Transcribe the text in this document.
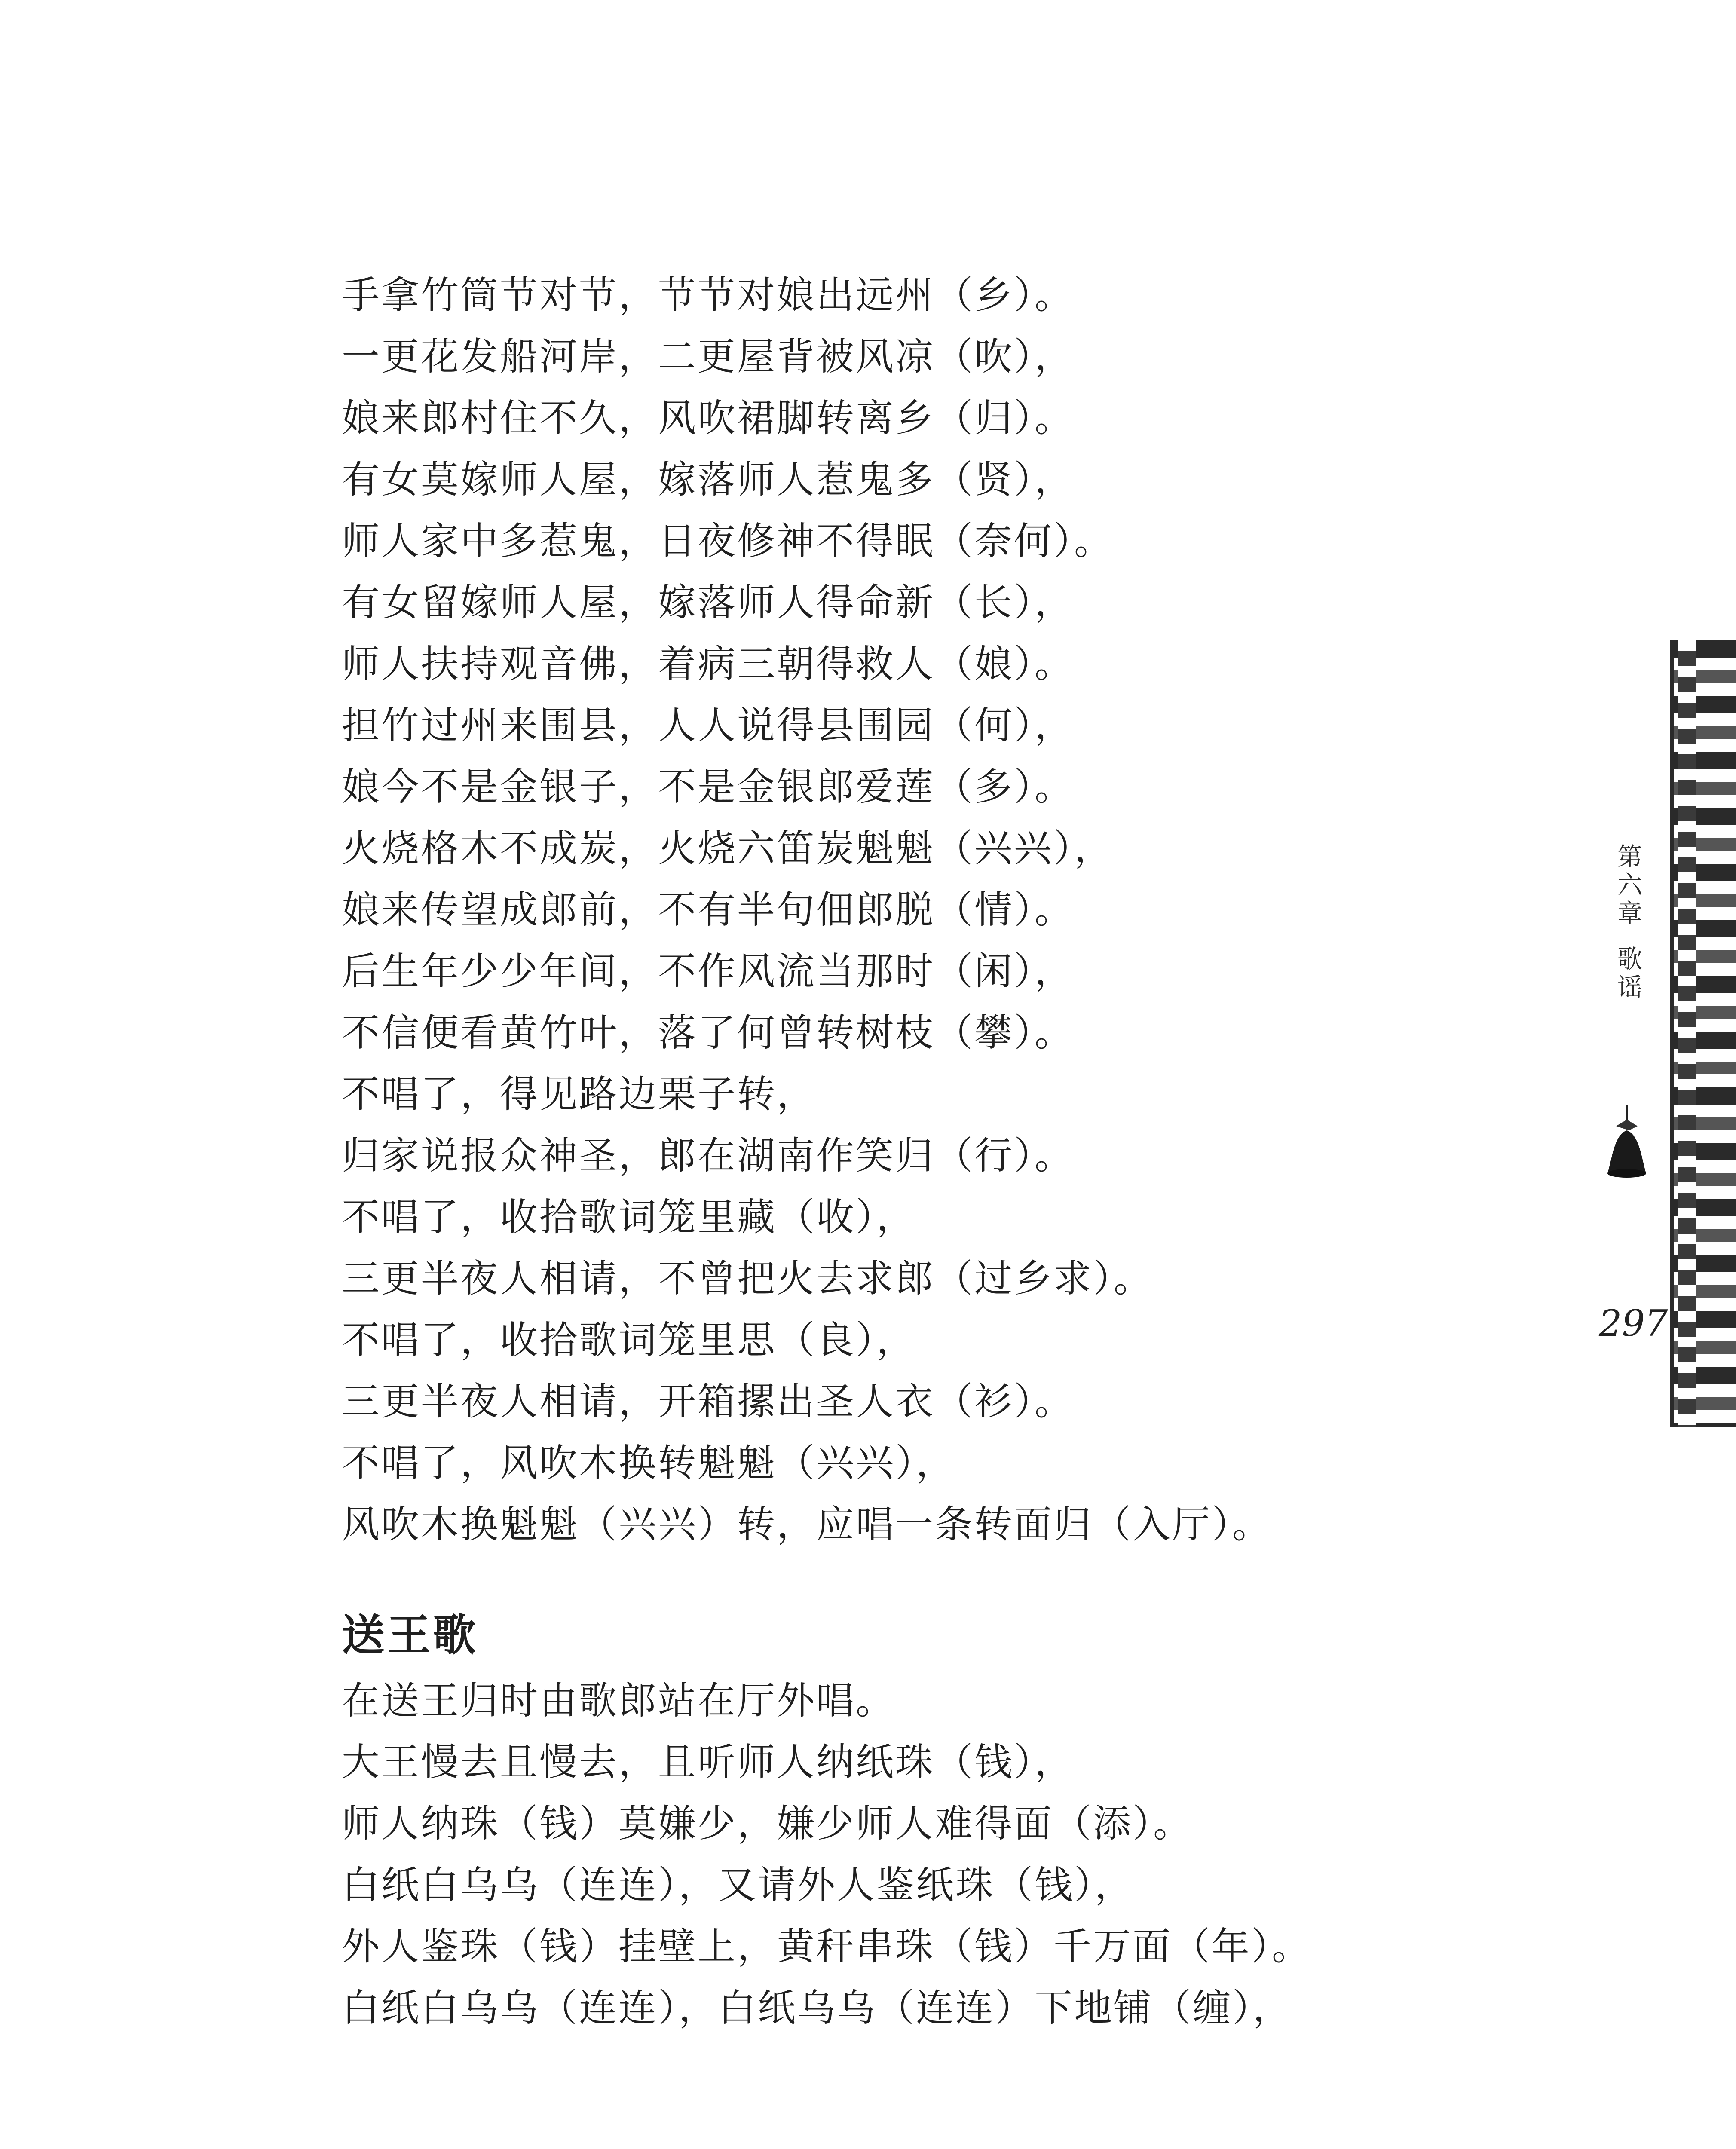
手拿竹筒节对节，节节对娘出远州（乡）。
一更花发船河岸，二更屋背被风凉（吹），
娘来郎村住不久，风吹裙脚转离乡（归）。
有女莫嫁师人屋，嫁落师人惹鬼多（贤），
师人家中多惹鬼，日夜修神不得眠（奈何）。
有女留嫁师人屋，嫁落师人得命新（长），
师人扶持观音佛，着病三朝得救人（娘）。
担竹过州来围县，人人说得县围园（何），
娘今不是金银子，不是金银郎爱莲（多）。
火烧格木不成炭，火烧六笛炭魁魁（兴兴），
娘来传望成郎前，不有半句佃郎脱（情）。
后生年少少年间，不作风流当那时（闲），
不信便看黄竹叶，落了何曾转树枝（攀）。
不唱了，得见路边栗子转，
归家说报众神圣，郎在湖南作笑归（行）。
不唱了，收拾歌词笼里藏（收），
三更半夜人相请，不曾把火去求郎（过乡求）。
不唱了，收拾歌词笼里思（良），
三更半夜人相请，开箱摞出圣人衣（衫）。
不唱了，风吹木换转魁魁（兴兴），
风吹木换魁魁（兴兴）转，应唱一条转面归（入厅）。
送王歌
在送王归时由歌郎站在厅外唱。
大王慢去且慢去，且听师人纳纸珠（钱），
师人纳珠（钱）莫嫌少，嫌少师人难得面（添）。
白纸白乌乌（连连），又请外人鉴纸珠（钱），
外人鉴珠（钱）挂壁上，黄秆串珠（钱）千万面（年）。
白纸白乌乌（连连），白纸乌乌（连连）下地铺（缠），
第
六
章
歌
谣
297
